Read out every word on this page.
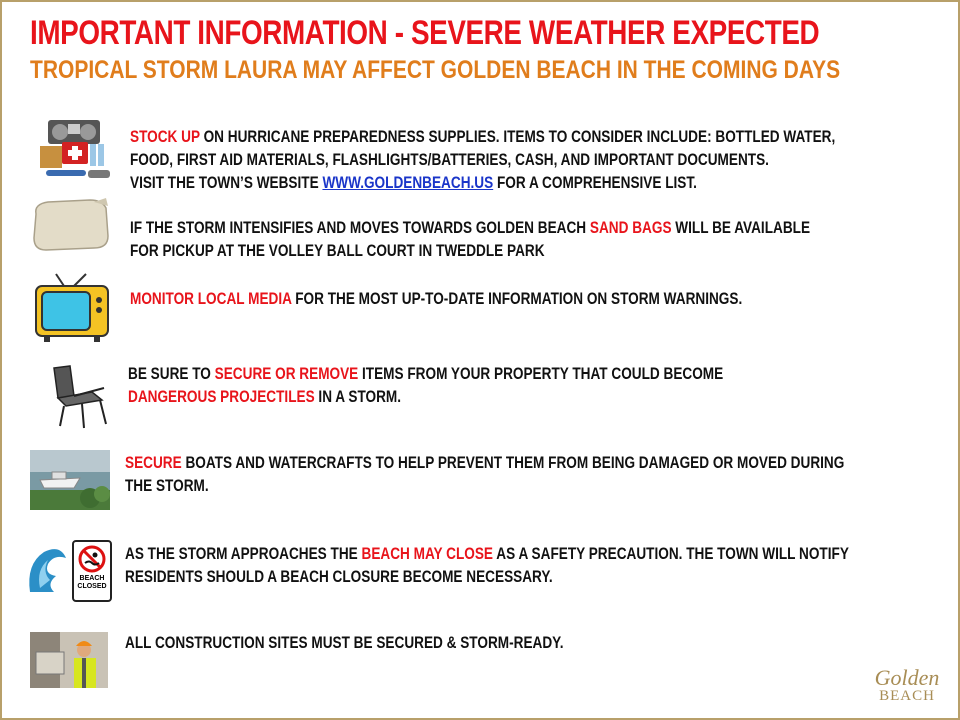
IMPORTANT INFORMATION - SEVERE WEATHER EXPECTED
TROPICAL STORM LAURA MAY AFFECT GOLDEN BEACH IN THE COMING DAYS
STOCK UP ON HURRICANE PREPAREDNESS SUPPLIES. ITEMS TO CONSIDER INCLUDE: BOTTLED WATER,
FOOD, FIRST AID MATERIALS, FLASHLIGHTS/BATTERIES, CASH, AND IMPORTANT DOCUMENTS.
VISIT THE TOWN’S WEBSITE WWW.GOLDENBEACH.US FOR A COMPREHENSIVE LIST.
IF THE STORM INTENSIFIES AND MOVES TOWARDS GOLDEN BEACH SAND BAGS WILL BE AVAILABLE
FOR PICKUP AT THE VOLLEY BALL COURT IN TWEDDLE PARK
MONITOR LOCAL MEDIA FOR THE MOST UP-TO-DATE INFORMATION ON STORM WARNINGS.
BE SURE TO SECURE OR REMOVE ITEMS FROM YOUR PROPERTY THAT COULD BECOME
DANGEROUS PROJECTILES IN A STORM.
SECURE BOATS AND WATERCRAFTS TO HELP PREVENT THEM FROM BEING DAMAGED OR MOVED DURING
THE STORM.
BEACH
CLOSED
AS THE STORM APPROACHES THE BEACH MAY CLOSE AS A SAFETY PRECAUTION. THE TOWN WILL NOTIFY
RESIDENTS SHOULD A BEACH CLOSURE BECOME NECESSARY.
ALL CONSTRUCTION SITES MUST BE SECURED & STORM-READY.
Golden
BEACH
